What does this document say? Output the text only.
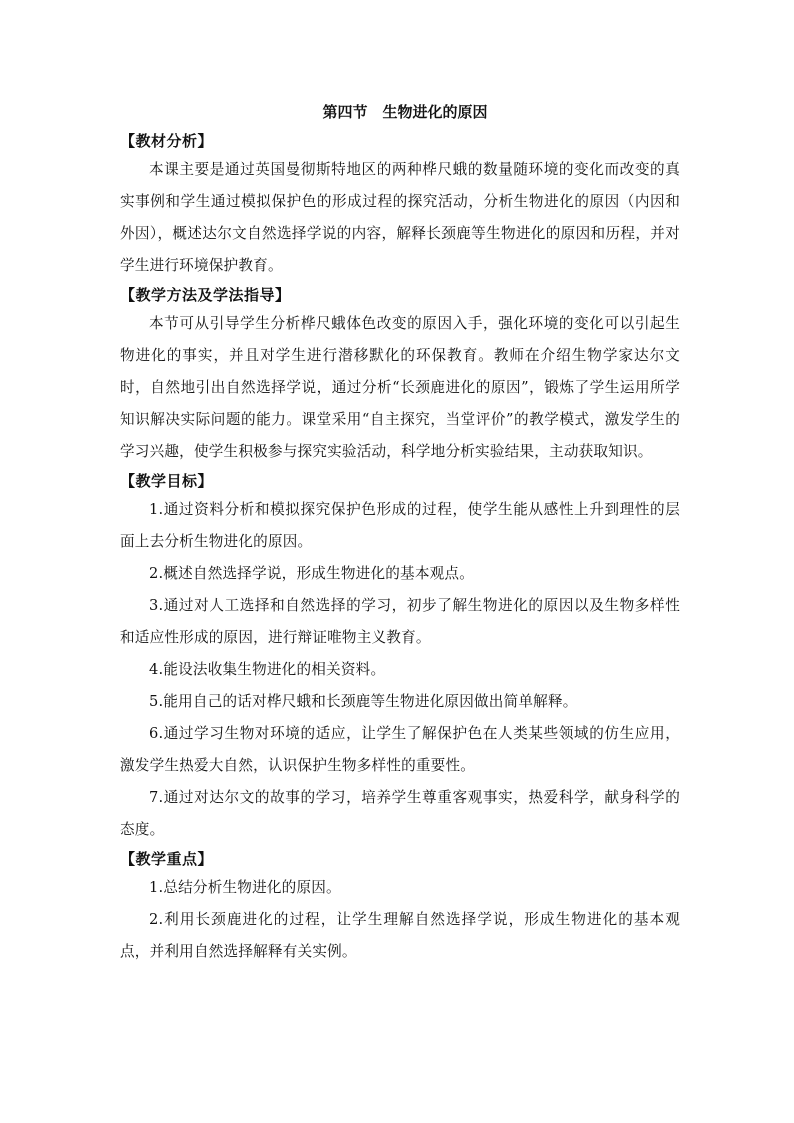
第四节　生物进化的原因
【教材分析】

本课主要是通过英国曼彻斯特地区的两种桦尺蛾的数量随环境的变化而改变的真实事例和学生通过模拟保护色的形成过程的探究活动，分析生物进化的原因（内因和外因），概述达尔文自然选择学说的内容，解释长颈鹿等生物进化的原因和历程，并对学生进行环境保护教育。

【教学方法及学法指导】

本节可从引导学生分析桦尺蛾体色改变的原因入手，强化环境的变化可以引起生物进化的事实，并且对学生进行潜移默化的环保教育。教师在介绍生物学家达尔文时，自然地引出自然选择学说，通过分析“长颈鹿进化的原因”，锻炼了学生运用所学知识解决实际问题的能力。课堂采用“自主探究，当堂评价”的教学模式，激发学生的学习兴趣，使学生积极参与探究实验活动，科学地分析实验结果，主动获取知识。

【教学目标】

1.通过资料分析和模拟探究保护色形成的过程，使学生能从感性上升到理性的层面上去分析生物进化的原因。

2.概述自然选择学说，形成生物进化的基本观点。

3.通过对人工选择和自然选择的学习，初步了解生物进化的原因以及生物多样性和适应性形成的原因，进行辩证唯物主义教育。

4.能设法收集生物进化的相关资料。

5.能用自己的话对桦尺蛾和长颈鹿等生物进化原因做出简单解释。

6.通过学习生物对环境的适应，让学生了解保护色在人类某些领域的仿生应用，激发学生热爱大自然，认识保护生物多样性的重要性。

7.通过对达尔文的故事的学习，培养学生尊重客观事实，热爱科学，献身科学的态度。

【教学重点】

1.总结分析生物进化的原因。

2.利用长颈鹿进化的过程，让学生理解自然选择学说，形成生物进化的基本观点，并利用自然选择解释有关实例。
